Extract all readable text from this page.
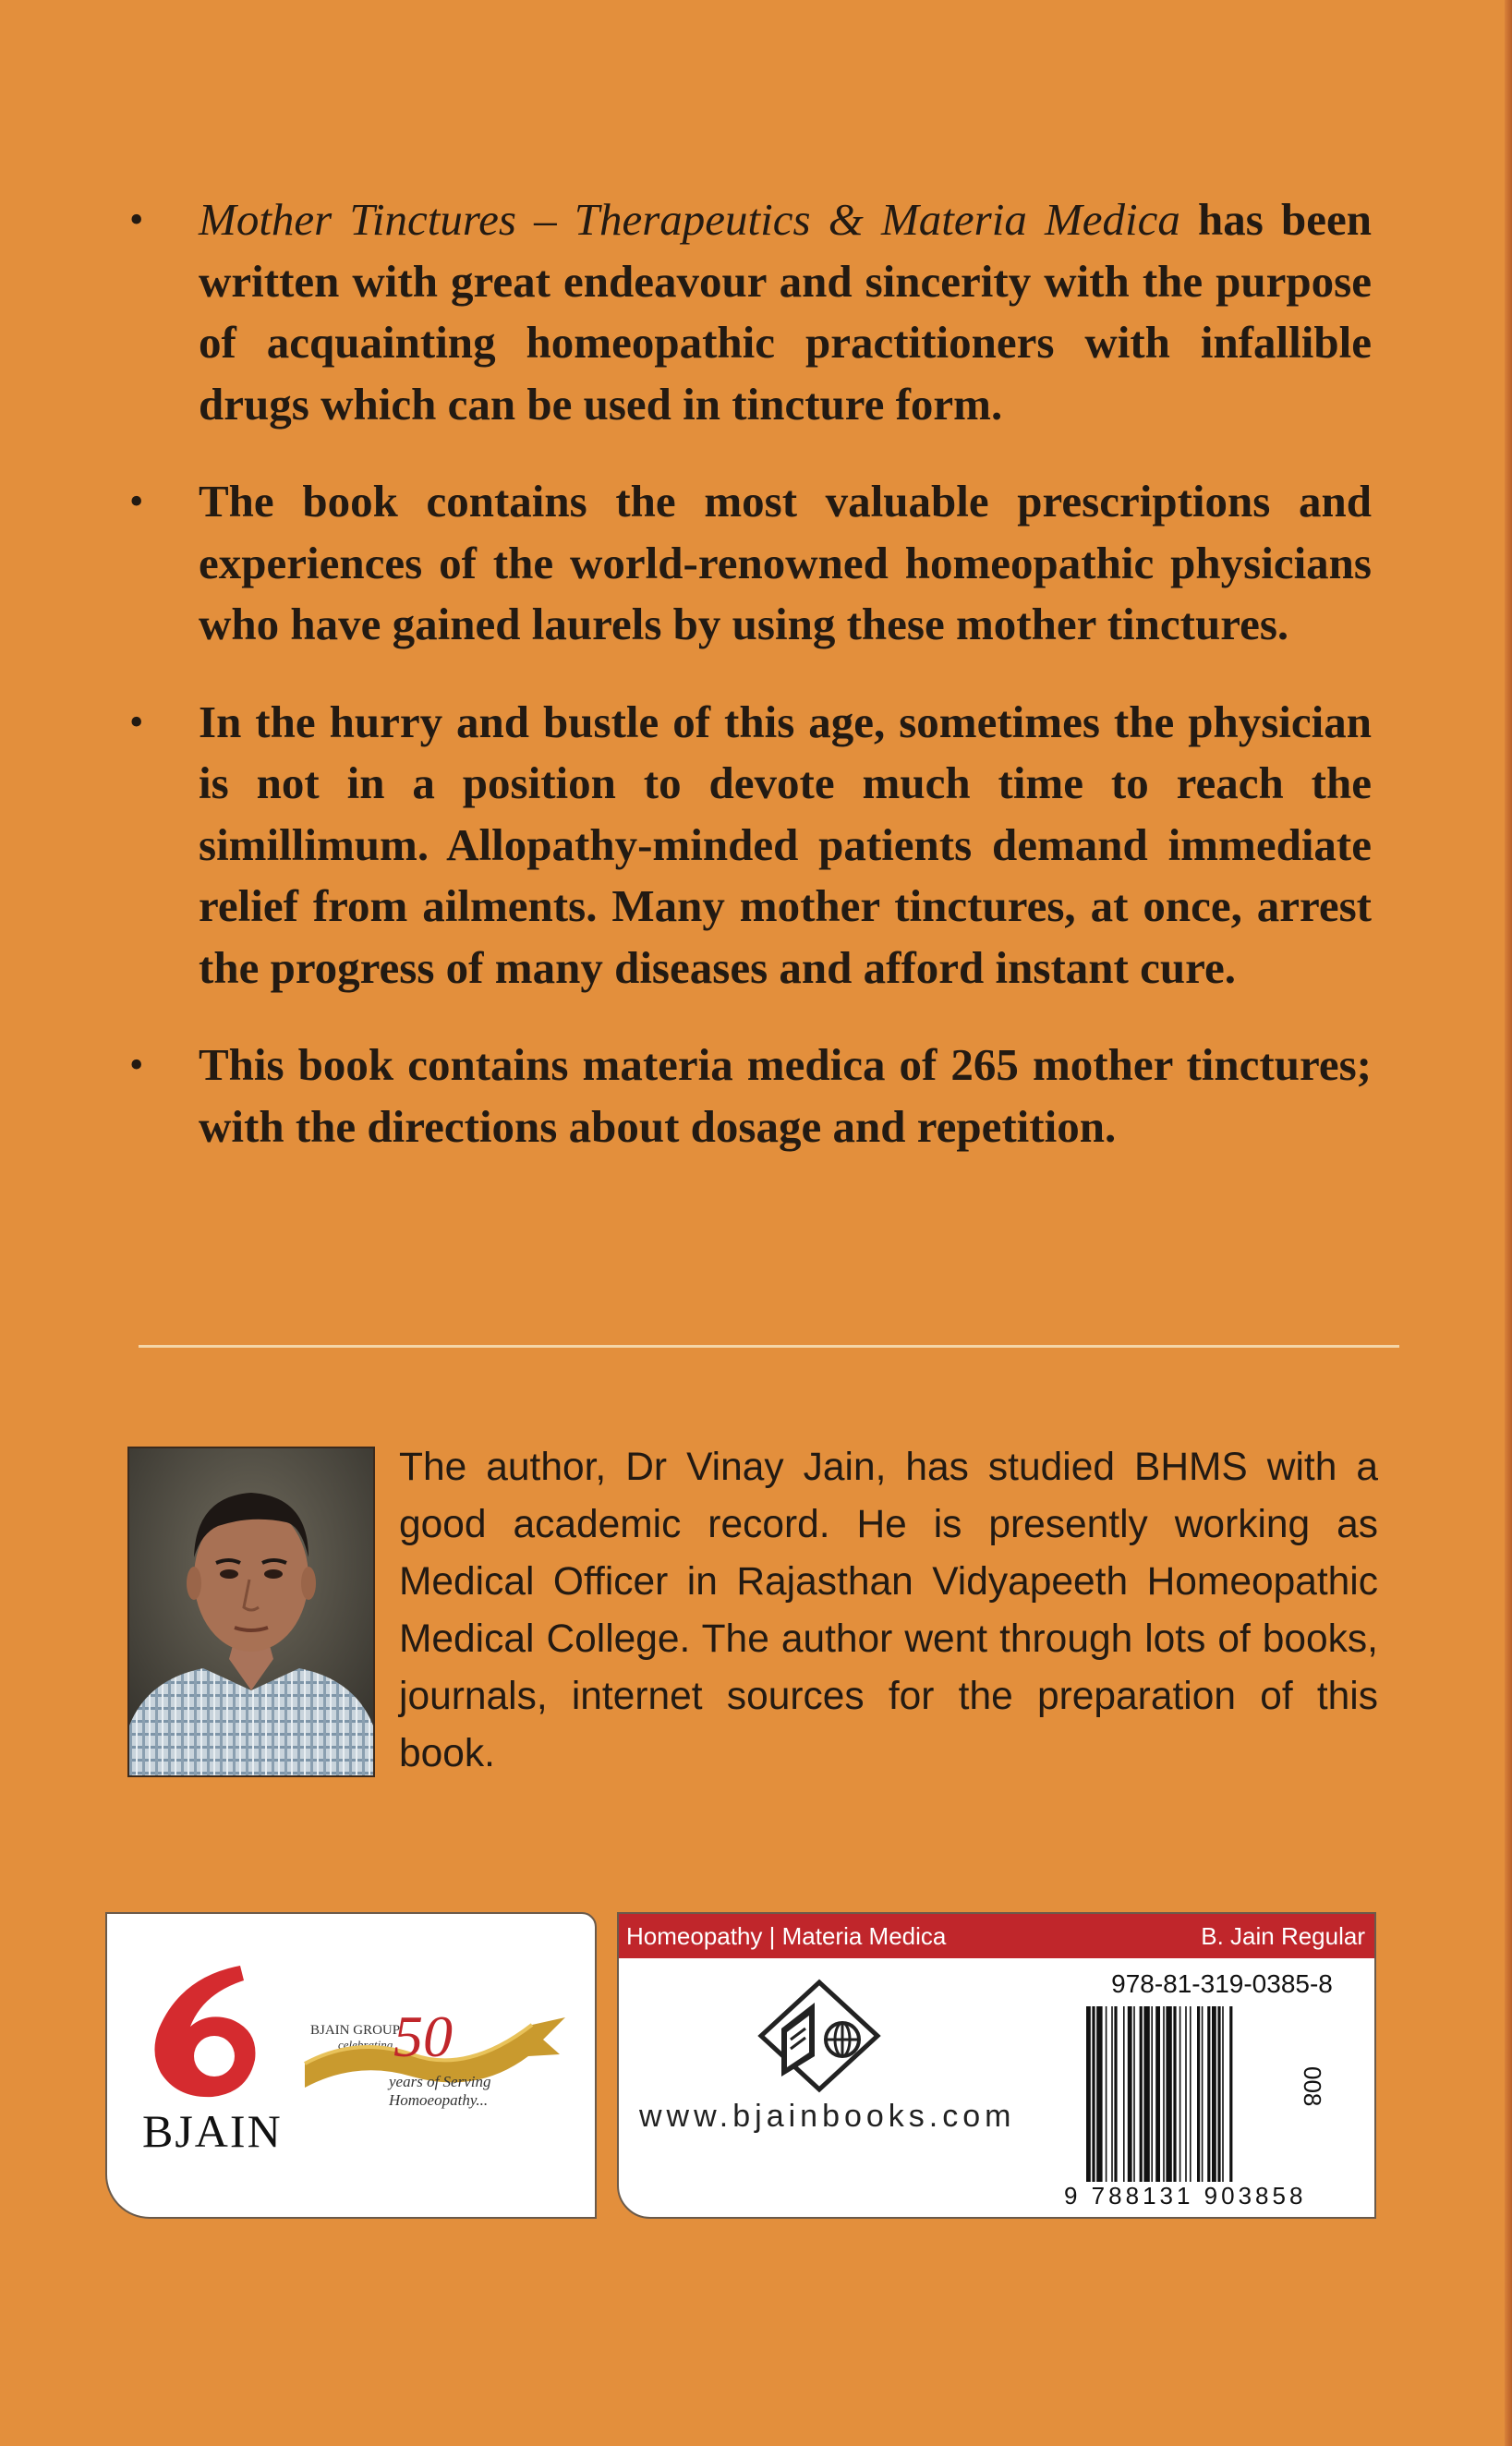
• Mother Tinctures – Therapeutics & Materia Medica has been written with great endeavour and sincerity with the purpose of acquainting homeopathic practitioners with infallible drugs which can be used in tincture form.
• The book contains the most valuable prescriptions and experiences of the world-renowned homeopathic physicians who have gained laurels by using these mother tinctures.
• In the hurry and bustle of this age, sometimes the physician is not in a position to devote much time to reach the simillimum. Allopathy-minded patients demand immediate relief from ailments. Many mother tinctures, at once, arrest the progress of many diseases and afford instant cure.
• This book contains materia medica of 265 mother tinctures; with the directions about dosage and repetition.

The author, Dr Vinay Jain, has studied BHMS with a good academic record. He is presently working as Medical Officer in Rajasthan Vidyapeeth Homeopathic Medical College. The author went through lots of books, journals, internet sources for the preparation of this book.

BJAIN
BJAIN GROUP
celebrating 50
years of Serving
Homoeopathy...
Homeopathy | Materia Medica	B. Jain Regular
www.bjainbooks.com
978-81-319-0385-8
9 788131 903858
008
